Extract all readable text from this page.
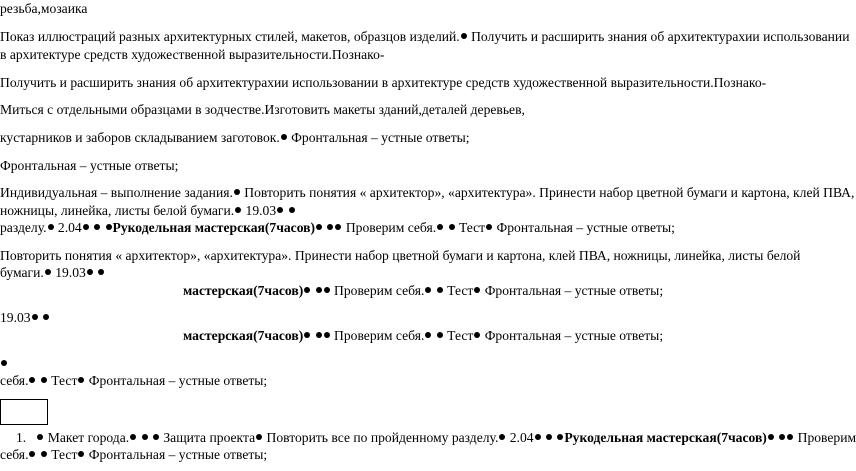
резьба,мозаика
Показ иллюстраций разных архитектурных стилей, макетов, образцов изделий. Получить и расширить знания об архитектурахии использовании
в архитектуре средств художественной выразительности.Познако-
Получить и расширить знания об архитектурахии использовании в архитектуре средств художественной выразительности.Познако-
Миться с отдельными образцами в зодчестве.Изготовить макеты зданий,деталей деревьев,
кустарников и заборов складыванием заготовок. Фронтальная – устные ответы;
Фронтальная – устные ответы;
Индивидуальная – выполнение задания. Повторить понятия « архитектор», «архитектура». Принести набор цветной бумаги и картона, клей ПВА,
ножницы, линейка, листы белой бумаги. 19.03
разделу. 2.04 Рукодельная мастерская(7часов)  Проверим себя.  Тест Фронтальная – устные ответы;
Повторить понятия « архитектор», «архитектура». Принести набор цветной бумаги и картона, клей ПВА, ножницы, линейка, листы белой
бумаги. 19.03
мастерская(7часов)  Проверим себя.  Тест Фронтальная – устные ответы;
19.03
мастерская(7часов)  Проверим себя.  Тест Фронтальная – устные ответы;
себя.  Тест Фронтальная – устные ответы;
1.    Макет города.   Защита проекта Повторить все по пройденному разделу. 2.04 Рукодельная мастерская(7часов)  Проверим
себя.  Тест Фронтальная – устные ответы;
